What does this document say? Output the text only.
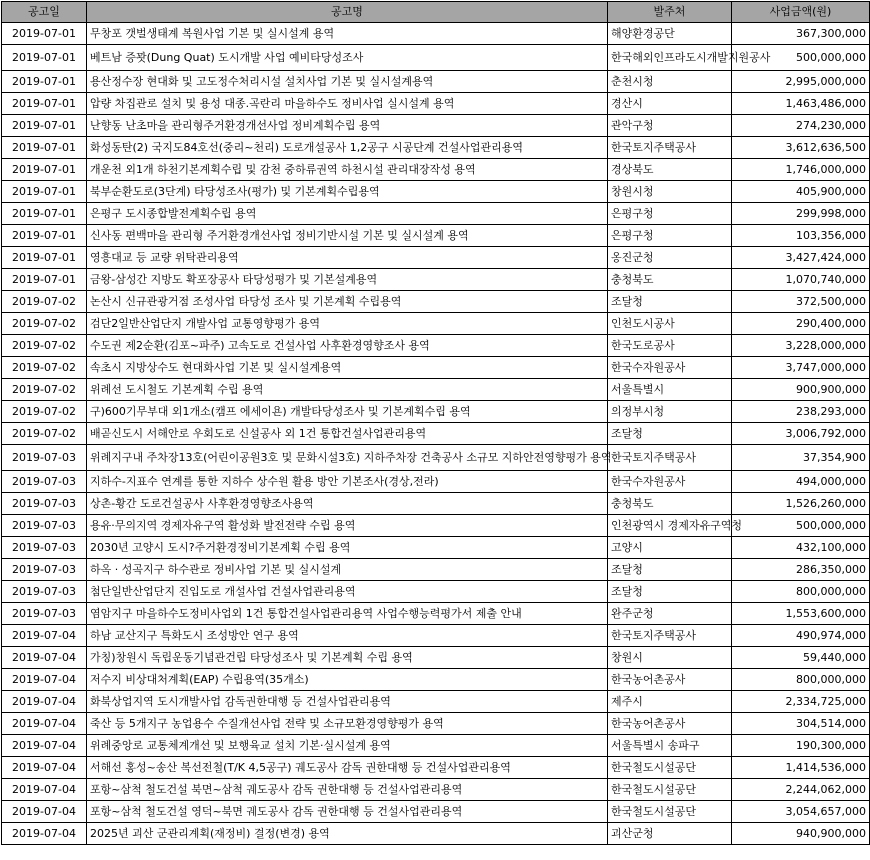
공고일	공고명	발주처	사업금액(원)
2019-07-01	무창포 갯벌생태계 복원사업 기본 및 실시설계 용역	해양환경공단	367,300,000
2019-07-01	베트남 증꽛(Dung Quat) 도시개발 사업 예비타당성조사	한국해외인프라도시개발지원공사	500,000,000
2019-07-01	용산정수장 현대화 및 고도정수처리시설 설치사업 기본 및 실시설계용역	춘천시청	2,995,000,000
2019-07-01	압량 차집관로 설치 및 용성 대종.곡란리 마을하수도 정비사업 실시설계 용역	경산시	1,463,486,000
2019-07-01	난향동 난초마을 관리형주거환경개선사업 정비계획수립 용역	관악구청	274,230,000
2019-07-01	화성동탄(2) 국지도84호선(중리~천리) 도로개설공사 1,2공구 시공단계 건설사업관리용역	한국토지주택공사	3,612,636,500
2019-07-01	개운천 외1개 하천기본계획수립 및 감천 중하류권역 하천시설 관리대장작성 용역	경상북도	1,746,000,000
2019-07-01	북부순환도로(3단계) 타당성조사(평가) 및 기본계획수립용역	창원시청	405,900,000
2019-07-01	은평구 도시종합발전계획수립 용역	은평구청	299,998,000
2019-07-01	신사동 편백마을 관리형 주거환경개선사업 정비기반시설 기본 및 실시설계 용역	은평구청	103,356,000
2019-07-01	영흥대교 등 교량 위탁관리용역	옹진군청	3,427,424,000
2019-07-01	금왕-삼성간 지방도 확포장공사 타당성평가 및 기본설계용역	충청북도	1,070,740,000
2019-07-02	논산시 신규관광거점 조성사업 타당성 조사 및 기본계획 수립용역	조달청	372,500,000
2019-07-02	검단2일반산업단지 개발사업 교통영향평가 용역	인천도시공사	290,400,000
2019-07-02	수도권 제2순환(김포~파주) 고속도로 건설사업 사후환경영향조사 용역	한국도로공사	3,228,000,000
2019-07-02	속초시 지방상수도 현대화사업 기본 및 실시설계용역	한국수자원공사	3,747,000,000
2019-07-02	위례선 도시철도 기본계획 수립 용역	서울특별시	900,900,000
2019-07-02	구)600기무부대 외1개소(캠프 에세이욘) 개발타당성조사 및 기본계획수립 용역	의정부시청	238,293,000
2019-07-02	배곧신도시 서해안로 우회도로 신설공사 외 1건 통합건설사업관리용역	조달청	3,006,792,000
2019-07-03	위례지구내 주차장13호(어린이공원3호 및 문화시설3호) 지하주차장 건축공사 소규모 지하안전영향평가 용역	한국토지주택공사	37,354,900
2019-07-03	지하수-지표수 연계를 통한 지하수 상수원 활용 방안 기본조사(경상,전라)	한국수자원공사	494,000,000
2019-07-03	상촌-황간 도로건설공사 사후환경영향조사용역	충청북도	1,526,260,000
2019-07-03	용유·무의지역 경제자유구역 활성화 발전전략 수립 용역	인천광역시 경제자유구역청	500,000,000
2019-07-03	2030년 고양시 도시?주거환경정비기본계획 수립 용역	고양시	432,100,000
2019-07-03	하옥 · 성곡지구 하수관로 정비사업 기본 및 실시설계	조달청	286,350,000
2019-07-03	첨단일반산업단지 진입도로 개설사업 건설사업관리용역	조달청	800,000,000
2019-07-03	염암지구 마을하수도정비사업외 1건 통합건설사업관리용역 사업수행능력평가서 제출 안내	완주군청	1,553,600,000
2019-07-04	하남 교산지구 특화도시 조성방안 연구 용역	한국토지주택공사	490,974,000
2019-07-04	가칭)창원시 독립운동기념관건립 타당성조사 및 기본계획 수립 용역	창원시	59,440,000
2019-07-04	저수지 비상대처계획(EAP) 수립용역(35개소)	한국농어촌공사	800,000,000
2019-07-04	화북상업지역 도시개발사업 감독권한대행 등 건설사업관리용역	제주시	2,334,725,000
2019-07-04	죽산 등 5개지구 농업용수 수질개선사업 전략 및 소규모환경영향평가 용역	한국농어촌공사	304,514,000
2019-07-04	위례중앙로 교통체계개선 및 보행육교 설치 기본·실시설계 용역	서울특별시 송파구	190,300,000
2019-07-04	서해선 홍성~송산 복선전철(T/K 4,5공구) 궤도공사 감독 권한대행 등 건설사업관리용역	한국철도시설공단	1,414,536,000
2019-07-04	포항~삼척 철도건설 북면~삼척 궤도공사 감독 권한대행 등 건설사업관리용역	한국철도시설공단	2,244,062,000
2019-07-04	포항~삼척 철도건설 영덕~북면 궤도공사 감독 권한대행 등 건설사업관리용역	한국철도시설공단	3,054,657,000
2019-07-04	2025년 괴산 군관리계획(재정비) 결정(변경) 용역	괴산군청	940,900,000
